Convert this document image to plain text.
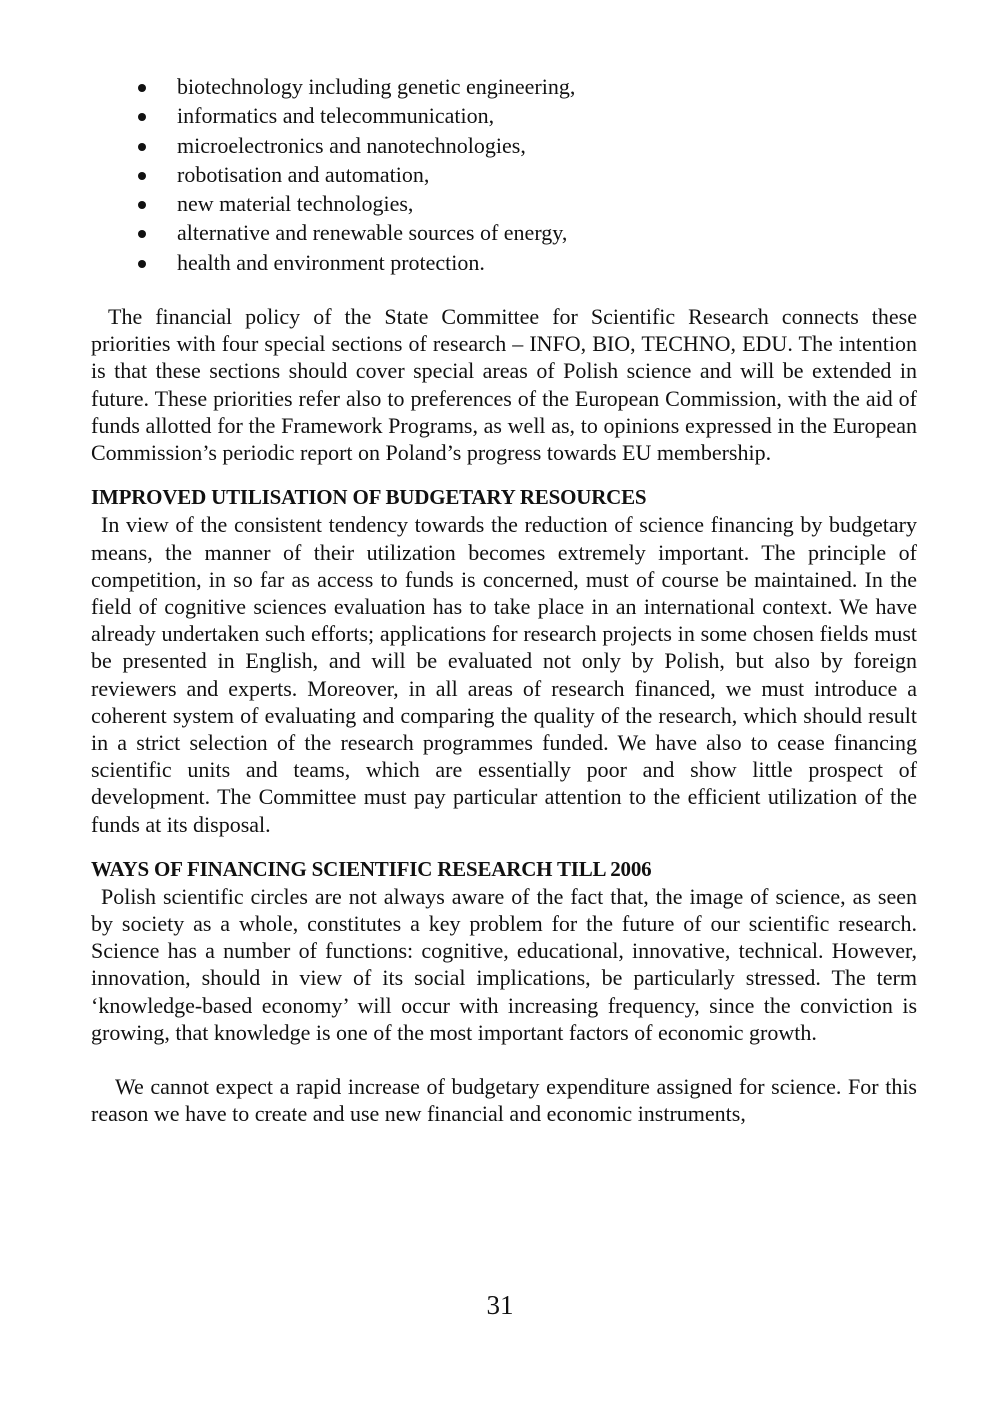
biotechnology including genetic engineering,
informatics and telecommunication,
microelectronics and nanotechnologies,
robotisation and automation,
new material technologies,
alternative and renewable sources of energy,
health and environment protection.

The financial policy of the State Committee for Scientific Research connects these priorities with four special sections of research – INFO, BIO, TECHNO, EDU. The intention is that these sections should cover special areas of Polish science and will be extended in future. These priorities refer also to preferences of the European Commission, with the aid of funds allotted for the Framework Programs, as well as, to opinions expressed in the European Commission’s periodic report on Poland’s progress towards EU membership.

IMPROVED UTILISATION OF BUDGETARY RESOURCES

In view of the consistent tendency towards the reduction of science financing by budgetary means, the manner of their utilization becomes extremely important. The principle of competition, in so far as access to funds is concerned, must of course be maintained. In the field of cognitive sciences evaluation has to take place in an international context. We have already undertaken such efforts; applications for research projects in some chosen fields must be presented in English, and will be evaluated not only by Polish, but also by foreign reviewers and experts. Moreover, in all areas of research financed, we must introduce a coherent system of evaluating and comparing the quality of the research, which should result in a strict selection of the research programmes funded. We have also to cease financing scientific units and teams, which are essentially poor and show little prospect of development. The Committee must pay particular attention to the efficient utilization of the funds at its disposal.

WAYS OF FINANCING SCIENTIFIC RESEARCH TILL 2006

Polish scientific circles are not always aware of the fact that, the image of science, as seen by society as a whole, constitutes a key problem for the future of our scientific research. Science has a number of functions: cognitive, educational, innovative, technical. However, innovation, should in view of its social implications, be particularly stressed. The term ‘knowledge-based economy’ will occur with increasing frequency, since the conviction is growing, that knowledge is one of the most important factors of economic growth.

We cannot expect a rapid increase of budgetary expenditure assigned for science. For this reason we have to create and use new financial and economic instruments,

31
